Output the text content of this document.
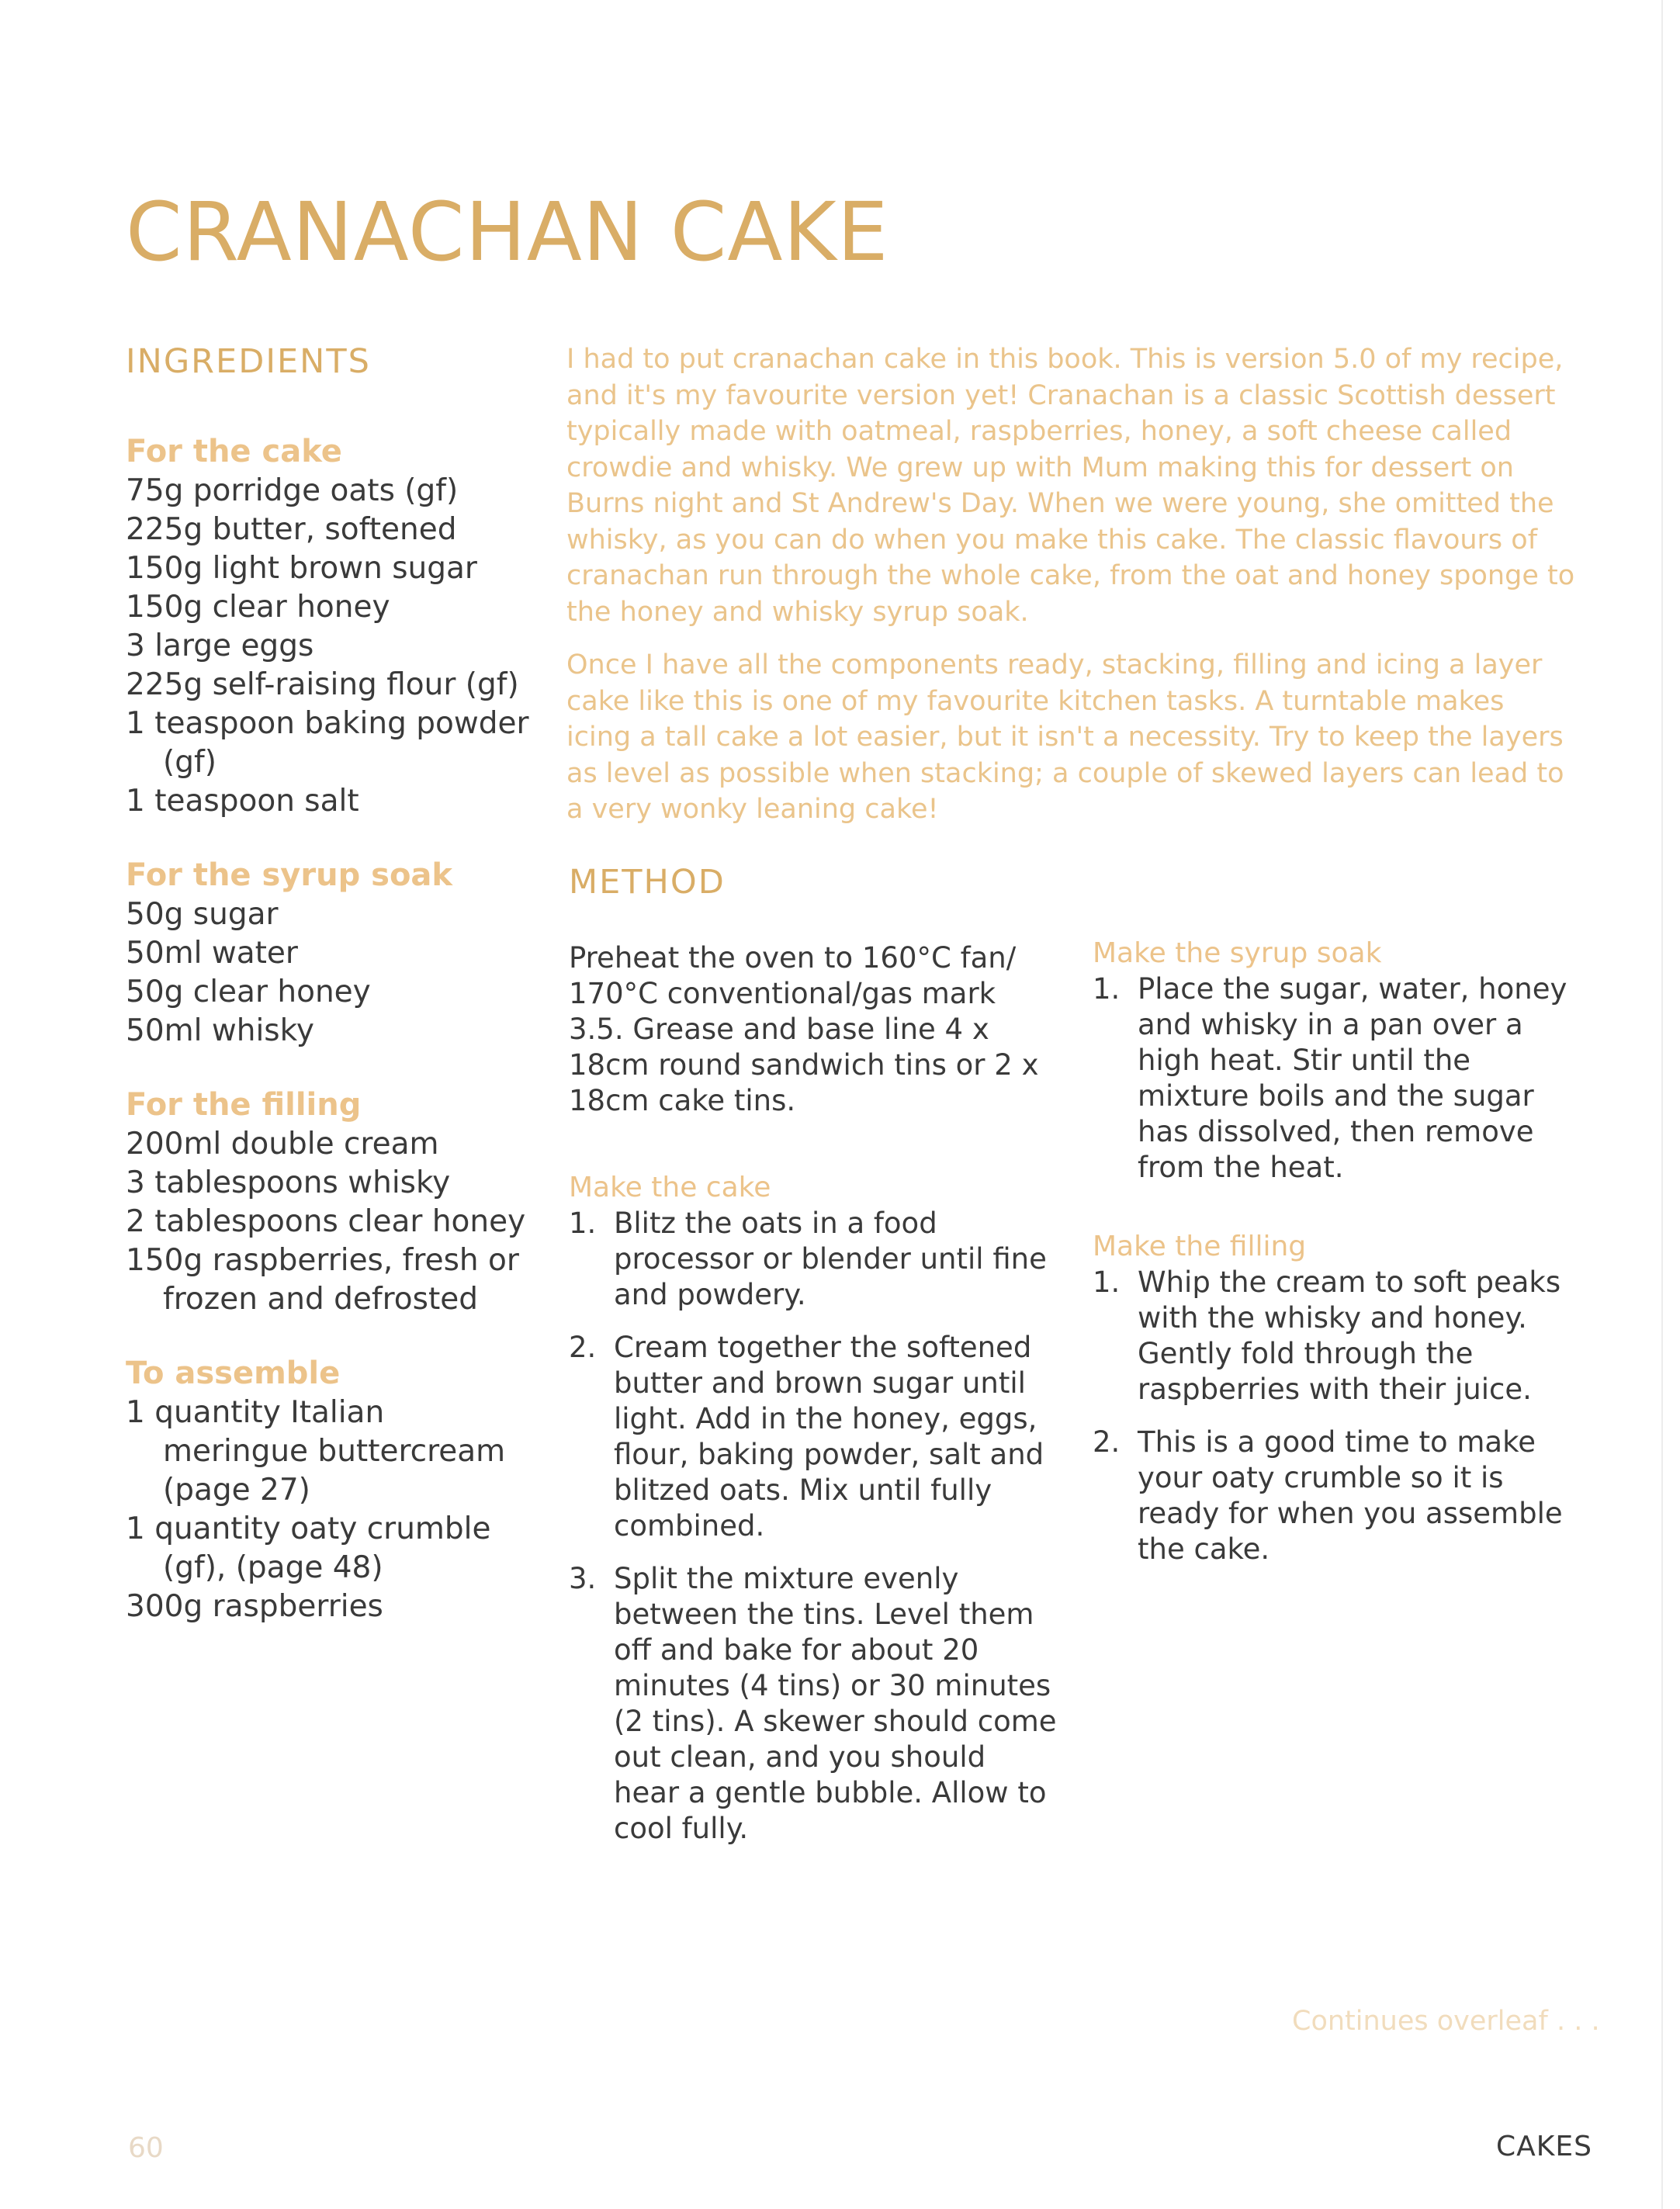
CRANACHAN CAKE
INGREDIENTS
For the cake
75g porridge oats (gf)
225g butter, softened
150g light brown sugar
150g clear honey
3 large eggs
225g self-raising flour (gf)
1 teaspoon baking powder (gf)
1 teaspoon salt
For the syrup soak
50g sugar
50ml water
50g clear honey
50ml whisky
For the filling
200ml double cream
3 tablespoons whisky
2 tablespoons clear honey
150g raspberries, fresh or frozen and defrosted
To assemble
1 quantity Italian meringue buttercream (page 27)
1 quantity oaty crumble (gf), (page 48)
300g raspberries

I had to put cranachan cake in this book. This is version 5.0 of my recipe, and it's my favourite version yet! Cranachan is a classic Scottish dessert typically made with oatmeal, raspberries, honey, a soft cheese called crowdie and whisky. We grew up with Mum making this for dessert on Burns night and St Andrew's Day. When we were young, she omitted the whisky, as you can do when you make this cake. The classic flavours of cranachan run through the whole cake, from the oat and honey sponge to the honey and whisky syrup soak.

Once I have all the components ready, stacking, filling and icing a layer cake like this is one of my favourite kitchen tasks. A turntable makes icing a tall cake a lot easier, but it isn't a necessity. Try to keep the layers as level as possible when stacking; a couple of skewed layers can lead to a very wonky leaning cake!

METHOD

Preheat the oven to 160°C fan/ 170°C conventional/gas mark 3.5. Grease and base line 4 x 18cm round sandwich tins or 2 x 18cm cake tins.

Make the cake
1. Blitz the oats in a food processor or blender until fine and powdery.
2. Cream together the softened butter and brown sugar until light. Add in the honey, eggs, flour, baking powder, salt and blitzed oats. Mix until fully combined.
3. Split the mixture evenly between the tins. Level them off and bake for about 20 minutes (4 tins) or 30 minutes (2 tins). A skewer should come out clean, and you should hear a gentle bubble. Allow to cool fully.
Make the syrup soak
1. Place the sugar, water, honey and whisky in a pan over a high heat. Stir until the mixture boils and the sugar has dissolved, then remove from the heat.
Make the filling
1. Whip the cream to soft peaks with the whisky and honey. Gently fold through the raspberries with their juice.
2. This is a good time to make your oaty crumble so it is ready for when you assemble the cake.
Continues overleaf . . .
60	CAKES
